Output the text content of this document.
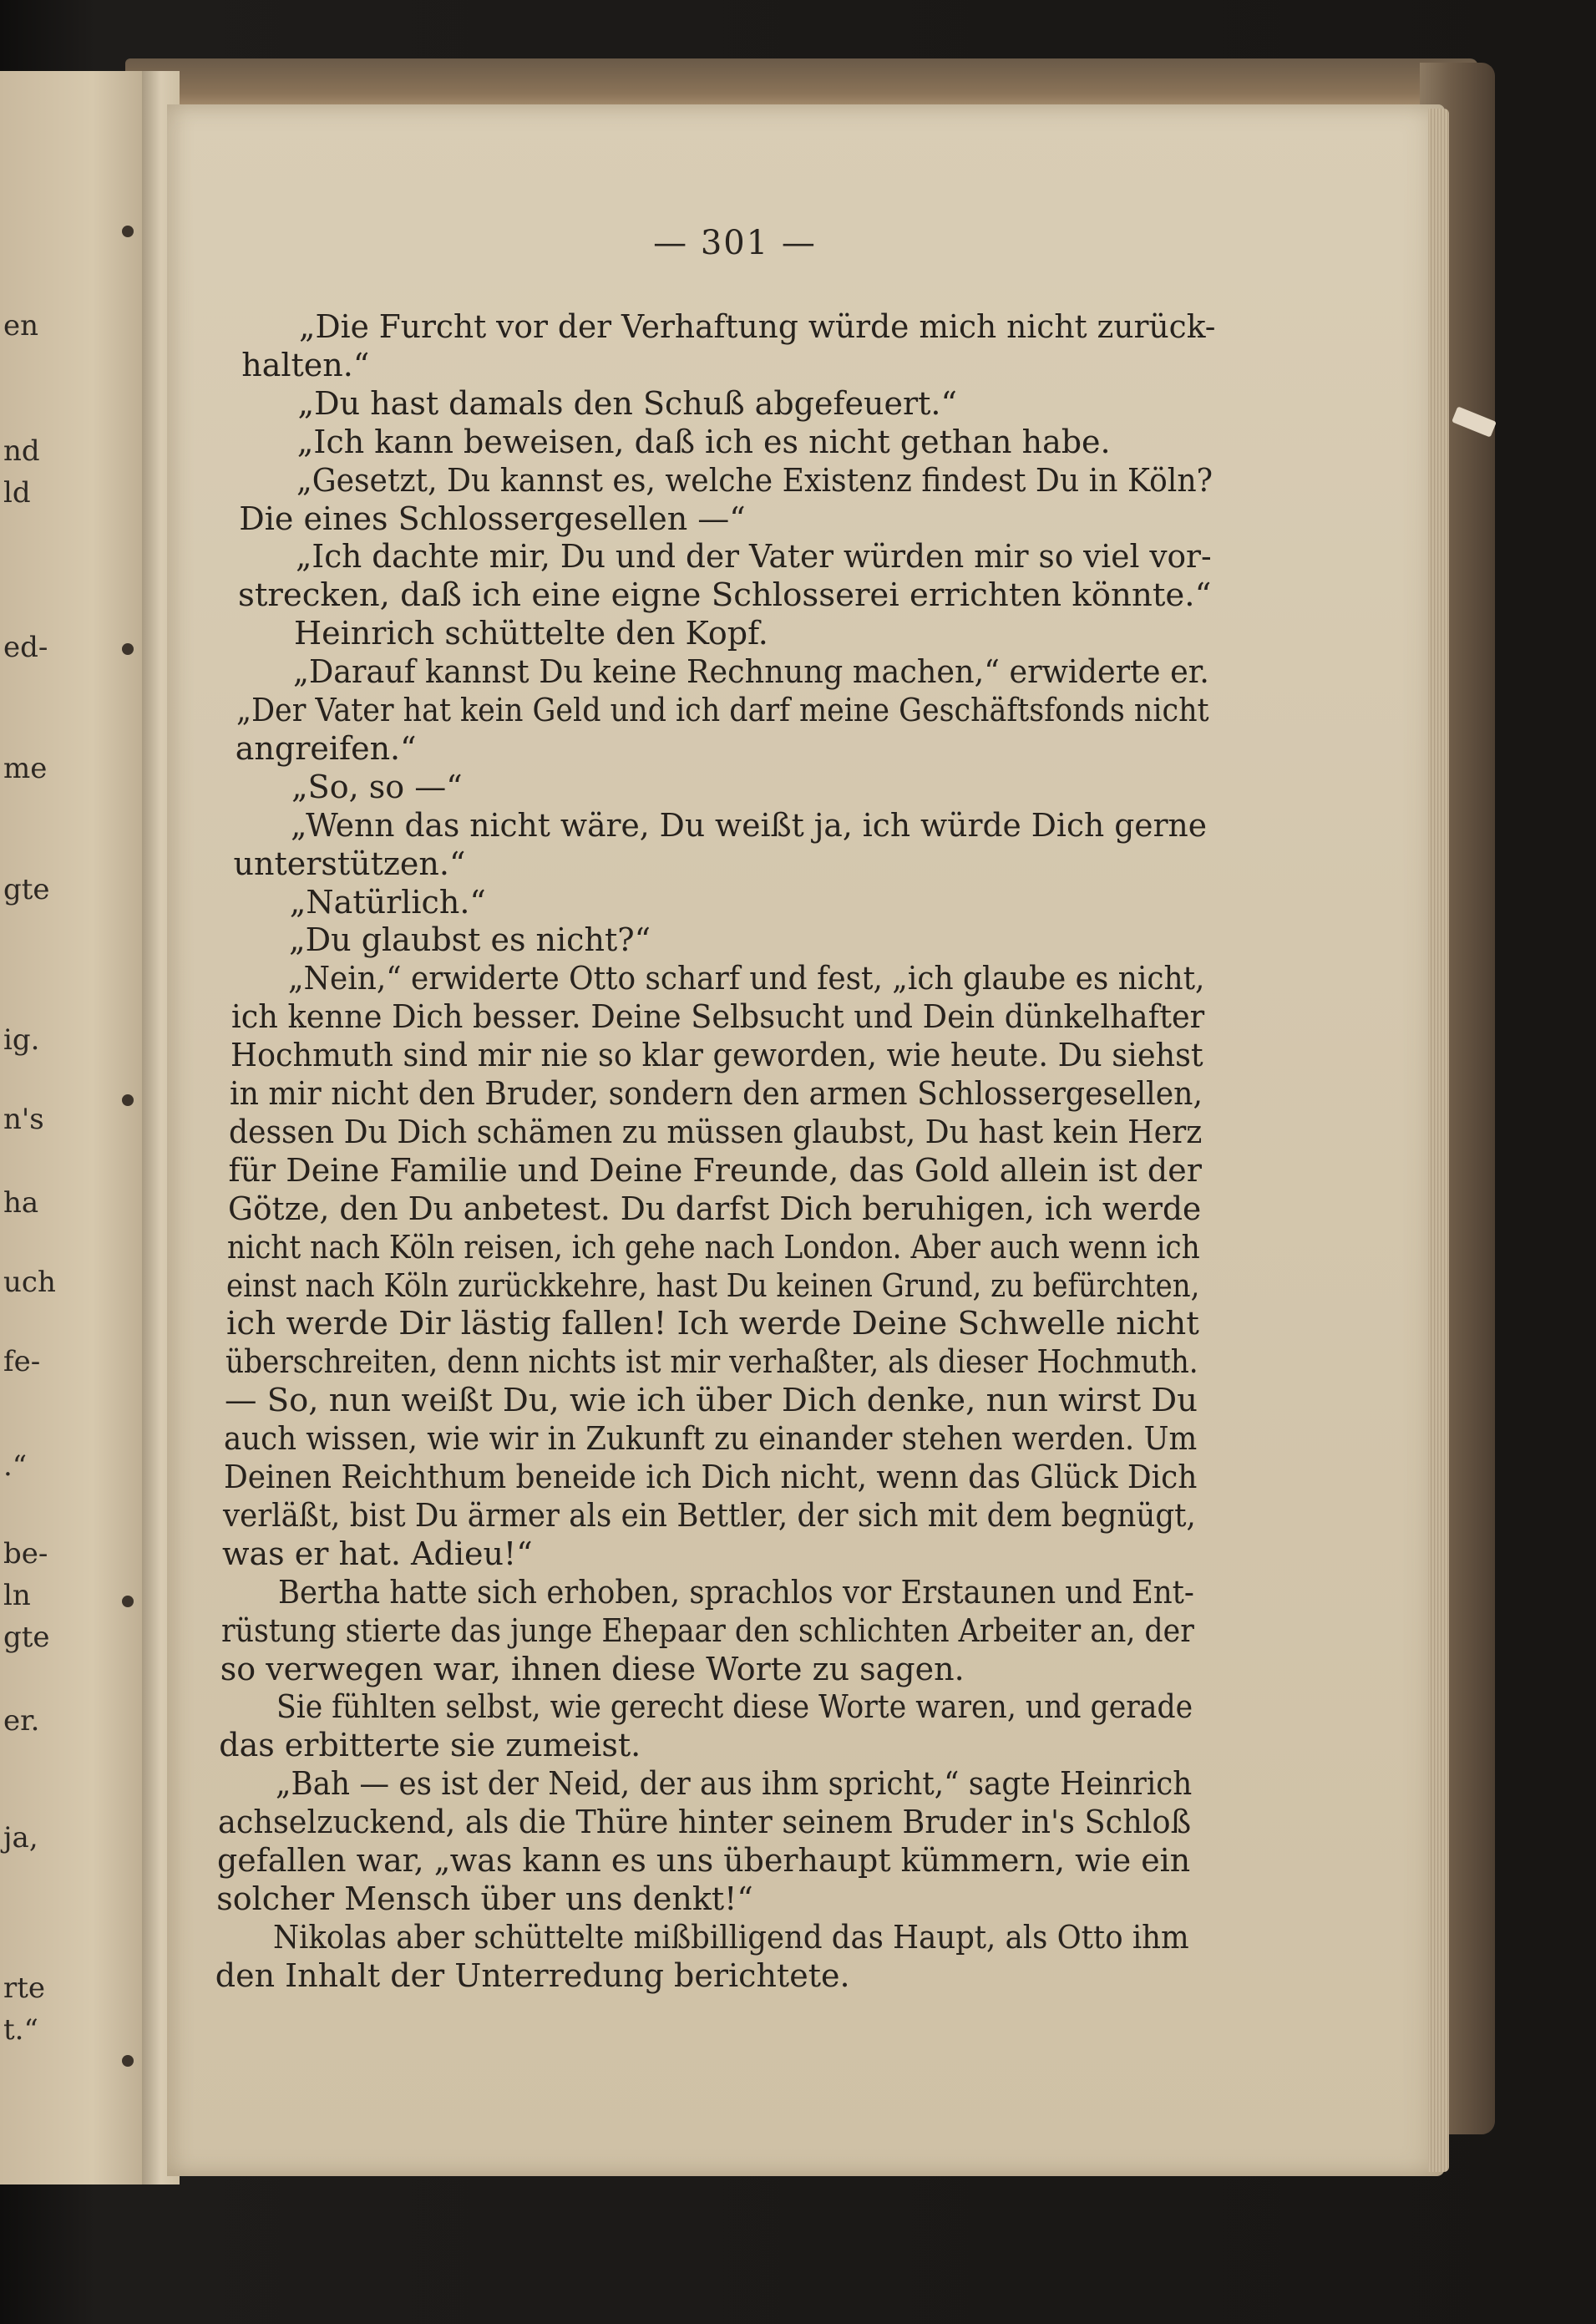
en
nd
ld
ed-
me
gte
ig.
n's
ha
uch
fe-
.“
be-
ln
gte
er.
ja,
rte
t.“
— 301 —
„Die Furcht vor der Verhaftung würde mich nicht zurück-
halten.“
„Du hast damals den Schuß abgefeuert.“
„Ich kann beweisen, daß ich es nicht gethan habe.
„Gesetzt, Du kannst es, welche Existenz findest Du in Köln?
Die eines Schlossergesellen —“
„Ich dachte mir, Du und der Vater würden mir so viel vor-
strecken, daß ich eine eigne Schlosserei errichten könnte.“
Heinrich schüttelte den Kopf.
„Darauf kannst Du keine Rechnung machen,“ erwiderte er.
„Der Vater hat kein Geld und ich darf meine Geschäftsfonds nicht
angreifen.“
„So, so —“
„Wenn das nicht wäre, Du weißt ja, ich würde Dich gerne
unterstützen.“
„Natürlich.“
„Du glaubst es nicht?“
„Nein,“ erwiderte Otto scharf und fest, „ich glaube es nicht,
ich kenne Dich besser. Deine Selbsucht und Dein dünkelhafter
Hochmuth sind mir nie so klar geworden, wie heute. Du siehst
in mir nicht den Bruder, sondern den armen Schlossergesellen,
dessen Du Dich schämen zu müssen glaubst, Du hast kein Herz
für Deine Familie und Deine Freunde, das Gold allein ist der
Götze, den Du anbetest. Du darfst Dich beruhigen, ich werde
nicht nach Köln reisen, ich gehe nach London. Aber auch wenn ich
einst nach Köln zurückkehre, hast Du keinen Grund, zu befürchten,
ich werde Dir lästig fallen! Ich werde Deine Schwelle nicht
überschreiten, denn nichts ist mir verhaßter, als dieser Hochmuth.
— So, nun weißt Du, wie ich über Dich denke, nun wirst Du
auch wissen, wie wir in Zukunft zu einander stehen werden. Um
Deinen Reichthum beneide ich Dich nicht, wenn das Glück Dich
verläßt, bist Du ärmer als ein Bettler, der sich mit dem begnügt,
was er hat. Adieu!“
Bertha hatte sich erhoben, sprachlos vor Erstaunen und Ent-
rüstung stierte das junge Ehepaar den schlichten Arbeiter an, der
so verwegen war, ihnen diese Worte zu sagen.
Sie fühlten selbst, wie gerecht diese Worte waren, und gerade
das erbitterte sie zumeist.
„Bah — es ist der Neid, der aus ihm spricht,“ sagte Heinrich
achselzuckend, als die Thüre hinter seinem Bruder in's Schloß
gefallen war, „was kann es uns überhaupt kümmern, wie ein
solcher Mensch über uns denkt!“
Nikolas aber schüttelte mißbilligend das Haupt, als Otto ihm
den Inhalt der Unterredung berichtete.
